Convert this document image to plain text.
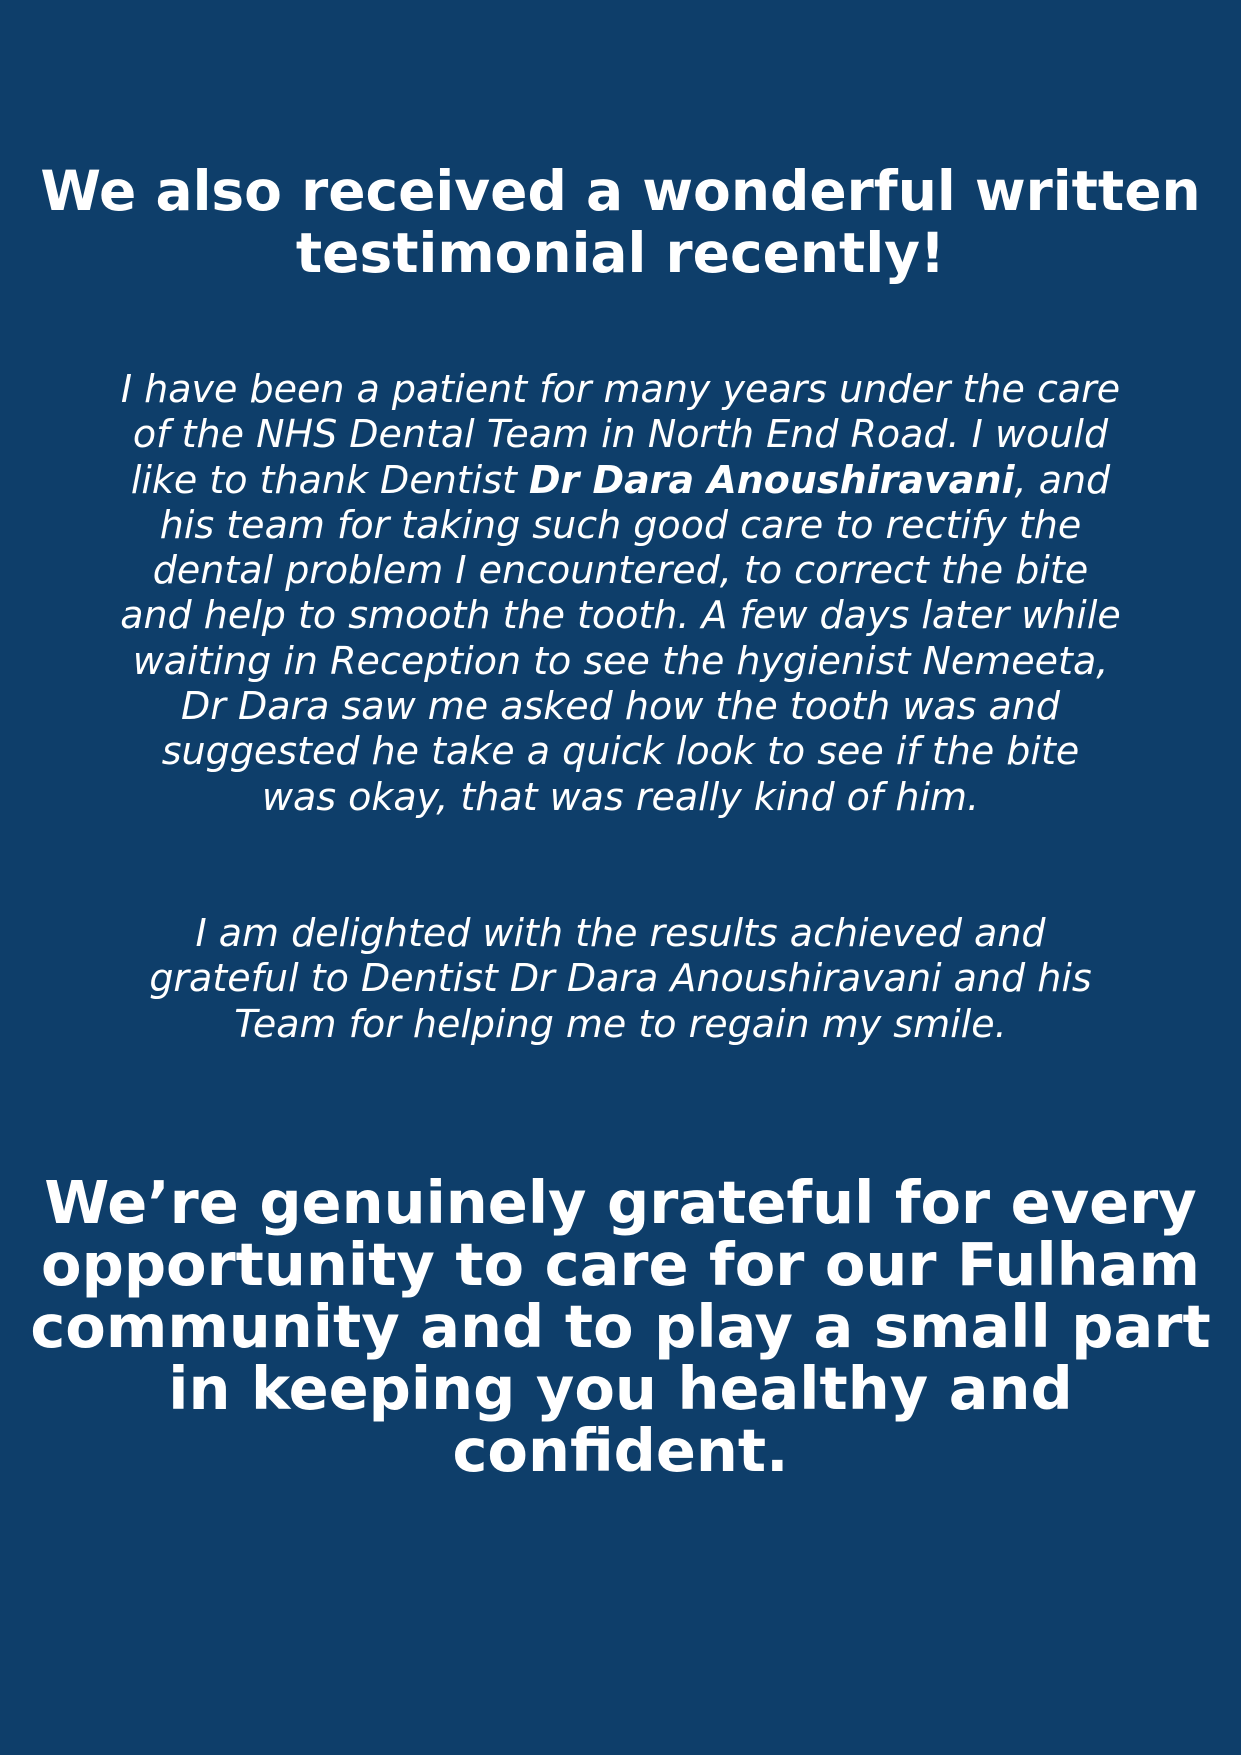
We also received a wonderful written testimonial recently!

I have been a patient for many years under the care of the NHS Dental Team in North End Road. I would like to thank Dentist Dr Dara Anoushiravani, and his team for taking such good care to rectify the dental problem I encountered, to correct the bite and help to smooth the tooth. A few days later while waiting in Reception to see the hygienist Nemeeta, Dr Dara saw me asked how the tooth was and suggested he take a quick look to see if the bite was okay, that was really kind of him.

I am delighted with the results achieved and grateful to Dentist Dr Dara Anoushiravani and his Team for helping me to regain my smile.

We’re genuinely grateful for every opportunity to care for our Fulham community and to play a small part in keeping you healthy and confident.
